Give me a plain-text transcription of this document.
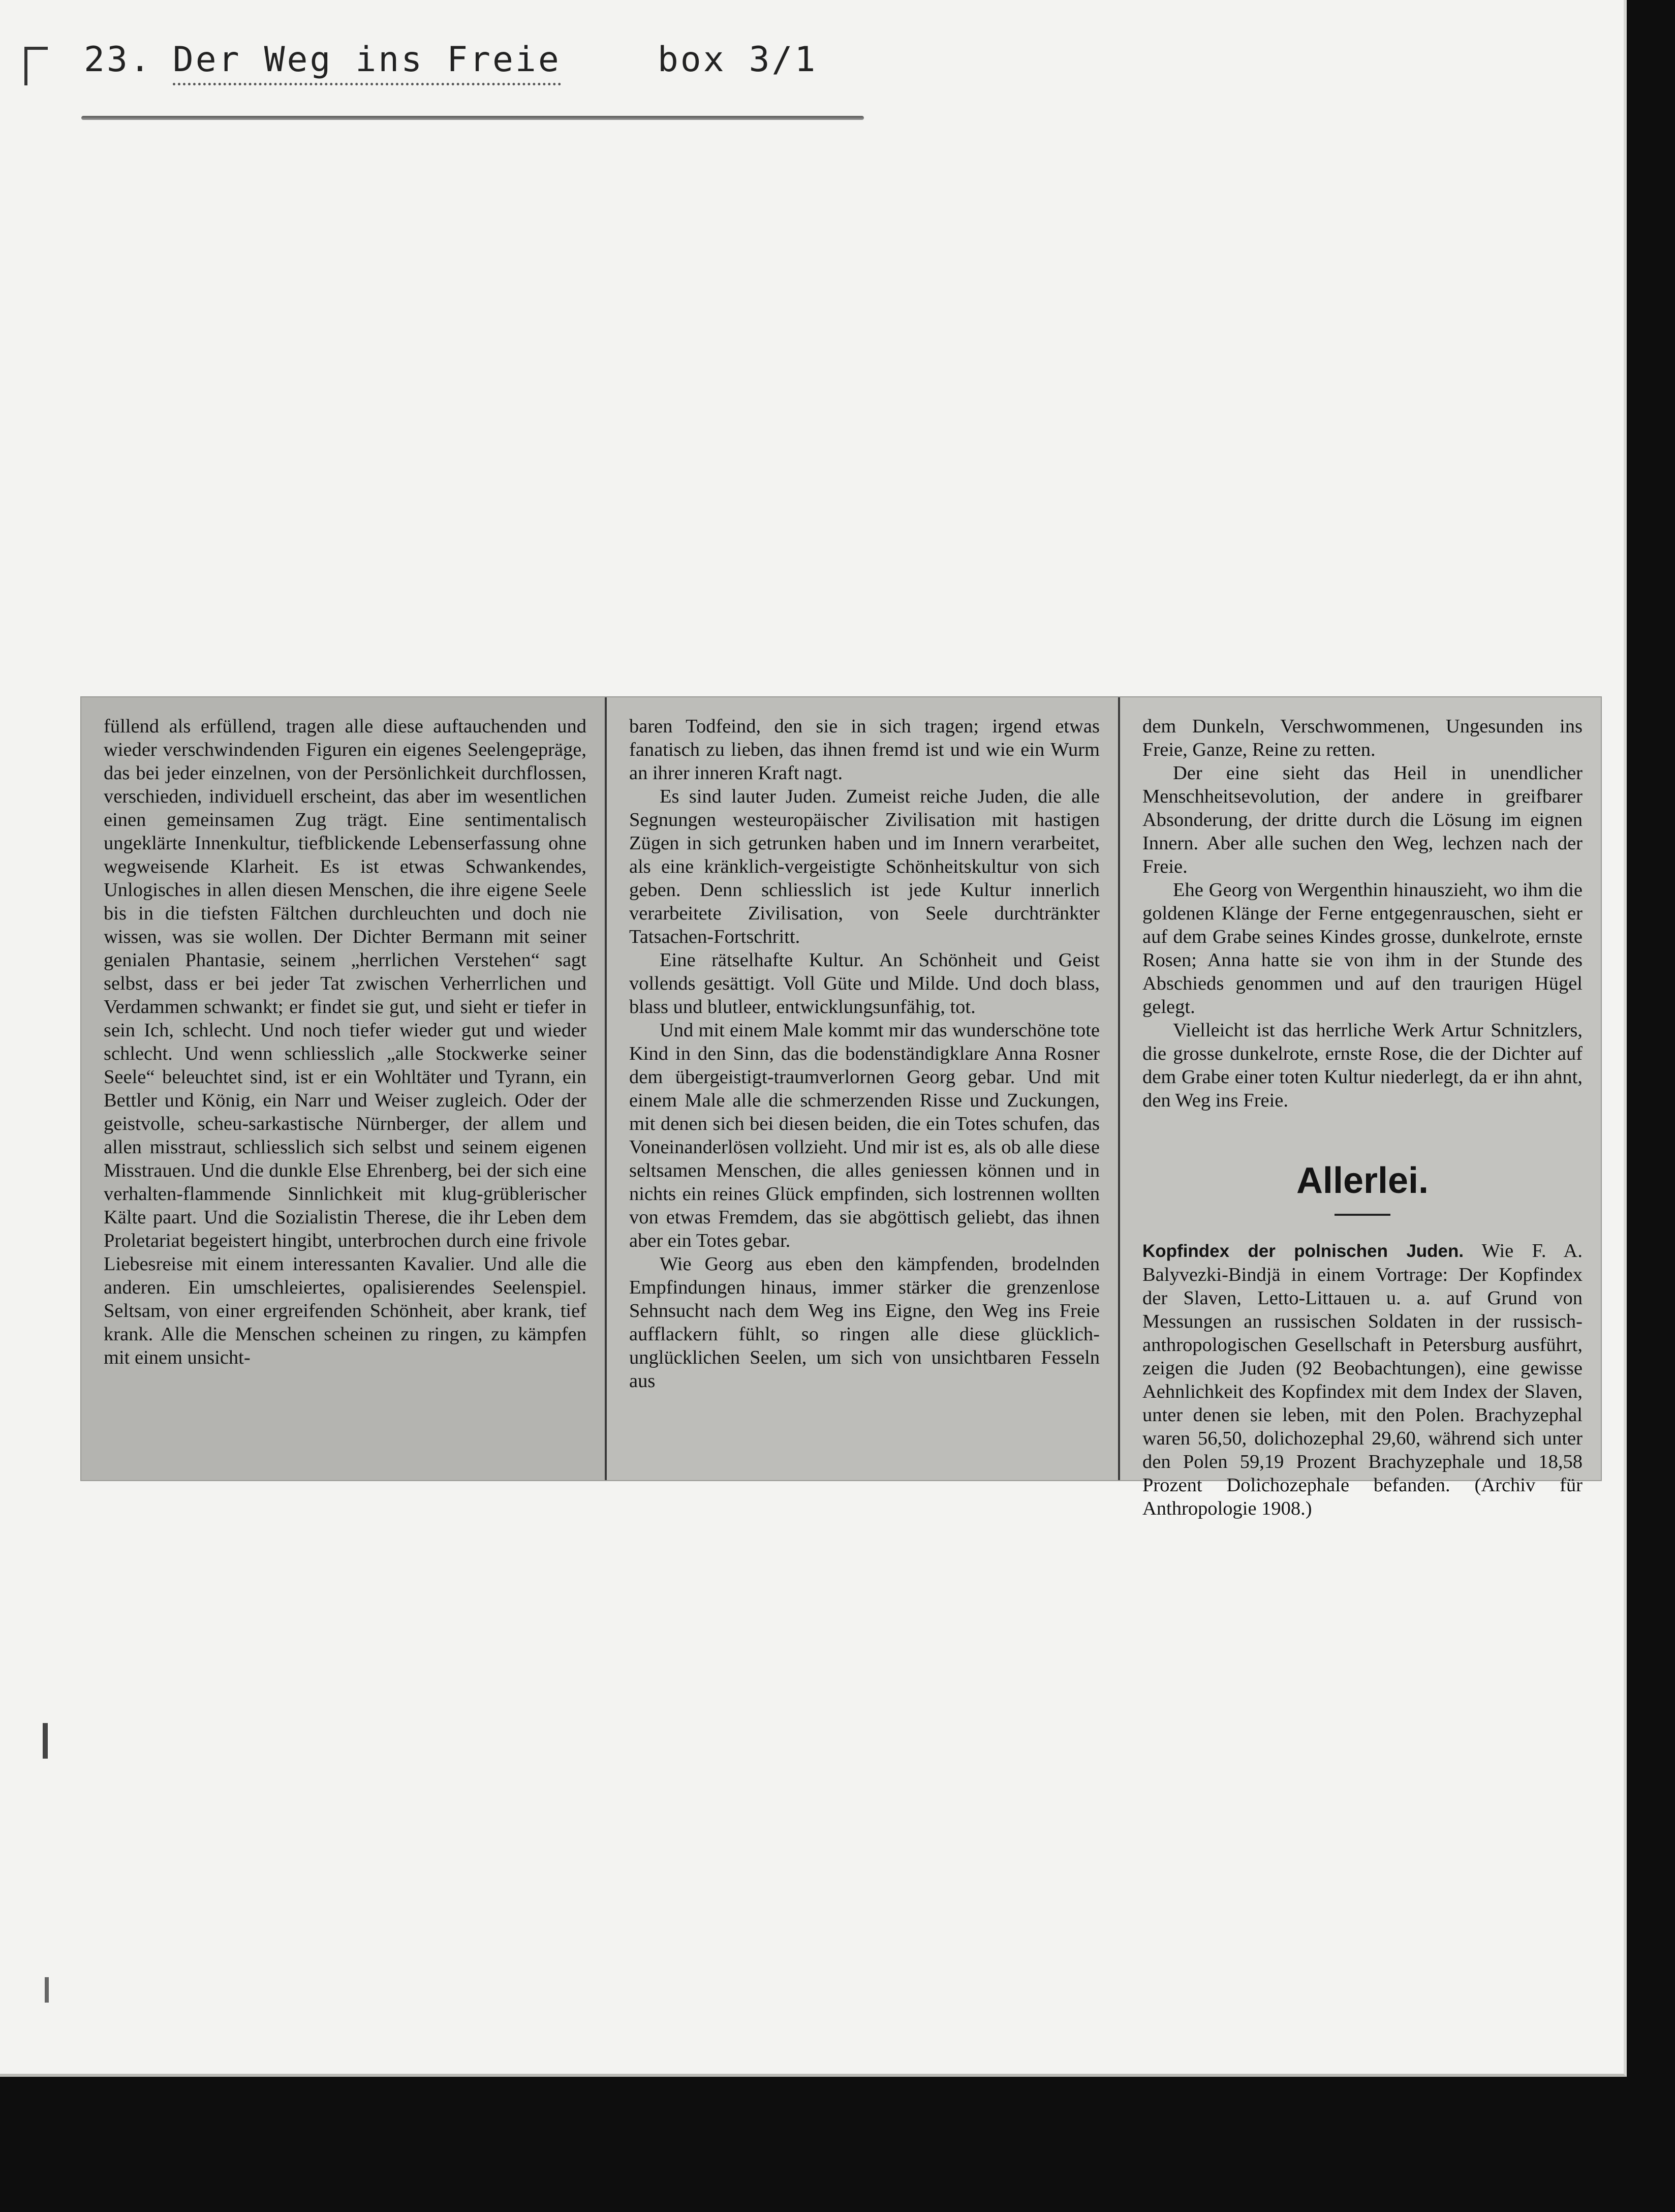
23. Der Weg ins Freie	box 3/1

füllend als erfüllend, tragen alle diese auftauchenden und wieder verschwindenden Figuren ein eigenes Seelengepräge, das bei jeder einzelnen, von der Persönlichkeit durchflossen, verschieden, individuell erscheint, das aber im wesentlichen einen gemeinsamen Zug trägt. Eine sentimentalisch ungeklärte Innenkultur, tiefblickende Lebenserfassung ohne wegweisende Klarheit. Es ist etwas Schwankendes, Unlogisches in allen diesen Menschen, die ihre eigene Seele bis in die tiefsten Fältchen durchleuchten und doch nie wissen, was sie wollen. Der Dichter Bermann mit seiner genialen Phantasie, seinem „herrlichen Verstehen“ sagt selbst, dass er bei jeder Tat zwischen Verherrlichen und Verdammen schwankt; er findet sie gut, und sieht er tiefer in sein Ich, schlecht. Und noch tiefer wieder gut und wieder schlecht. Und wenn schliesslich „alle Stockwerke seiner Seele“ beleuchtet sind, ist er ein Wohltäter und Tyrann, ein Bettler und König, ein Narr und Weiser zugleich. Oder der geistvolle, scheu-sarkastische Nürnberger, der allem und allen misstraut, schliesslich sich selbst und seinem eigenen Misstrauen. Und die dunkle Else Ehrenberg, bei der sich eine verhalten-flammende Sinnlichkeit mit klug-grüblerischer Kälte paart. Und die Sozialistin Therese, die ihr Leben dem Proletariat begeistert hingibt, unterbrochen durch eine frivole Liebesreise mit einem interessanten Kavalier. Und alle die anderen. Ein umschleiertes, opalisierendes Seelenspiel. Seltsam, von einer ergreifenden Schönheit, aber krank, tief krank. Alle die Menschen scheinen zu ringen, zu kämpfen mit einem unsicht-

baren Todfeind, den sie in sich tragen; irgend etwas fanatisch zu lieben, das ihnen fremd ist und wie ein Wurm an ihrer inneren Kraft nagt.

Es sind lauter Juden. Zumeist reiche Juden, die alle Segnungen westeuropäischer Zivilisation mit hastigen Zügen in sich getrunken haben und im Innern verarbeitet, als eine kränklich-vergeistigte Schönheitskultur von sich geben. Denn schliesslich ist jede Kultur innerlich verarbeitete Zivilisation, von Seele durchtränkter Tatsachen-Fortschritt.

Eine rätselhafte Kultur. An Schönheit und Geist vollends gesättigt. Voll Güte und Milde. Und doch blass, blass und blutleer, entwicklungsunfähig, tot.

Und mit einem Male kommt mir das wunderschöne tote Kind in den Sinn, das die bodenständigklare Anna Rosner dem übergeistigt-traumverlornen Georg gebar. Und mit einem Male alle die schmerzenden Risse und Zuckungen, mit denen sich bei diesen beiden, die ein Totes schufen, das Voneinanderlösen vollzieht. Und mir ist es, als ob alle diese seltsamen Menschen, die alles geniessen können und in nichts ein reines Glück empfinden, sich lostrennen wollten von etwas Fremdem, das sie abgöttisch geliebt, das ihnen aber ein Totes gebar.

Wie Georg aus eben den kämpfenden, brodelnden Empfindungen hinaus, immer stärker die grenzenlose Sehnsucht nach dem Weg ins Eigne, den Weg ins Freie aufflackern fühlt, so ringen alle diese glücklich-unglücklichen Seelen, um sich von unsichtbaren Fesseln aus

dem Dunkeln, Verschwommenen, Ungesunden ins Freie, Ganze, Reine zu retten.

Der eine sieht das Heil in unendlicher Menschheitsevolution, der andere in greifbarer Absonderung, der dritte durch die Lösung im eignen Innern. Aber alle suchen den Weg, lechzen nach der Freie.

Ehe Georg von Wergenthin hinauszieht, wo ihm die goldenen Klänge der Ferne entgegenrauschen, sieht er auf dem Grabe seines Kindes grosse, dunkelrote, ernste Rosen; Anna hatte sie von ihm in der Stunde des Abschieds genommen und auf den traurigen Hügel gelegt.

Vielleicht ist das herrliche Werk Artur Schnitzlers, die grosse dunkelrote, ernste Rose, die der Dichter auf dem Grabe einer toten Kultur niederlegt, da er ihn ahnt, den Weg ins Freie.

Allerlei.

Kopfindex der polnischen Juden. Wie F. A. Balyvezki-Bindjä in einem Vortrage: Der Kopfindex der Slaven, Letto-Littauen u. a. auf Grund von Messungen an russischen Soldaten in der russisch-anthropologischen Gesellschaft in Petersburg ausführt, zeigen die Juden (92 Beobachtungen), eine gewisse Aehnlichkeit des Kopfindex mit dem Index der Slaven, unter denen sie leben, mit den Polen. Brachyzephal waren 56,50, dolichozephal 29,60, während sich unter den Polen 59,19 Prozent Brachyzephale und 18,58 Prozent Dolichozephale befanden. (Archiv für Anthropologie 1908.)
